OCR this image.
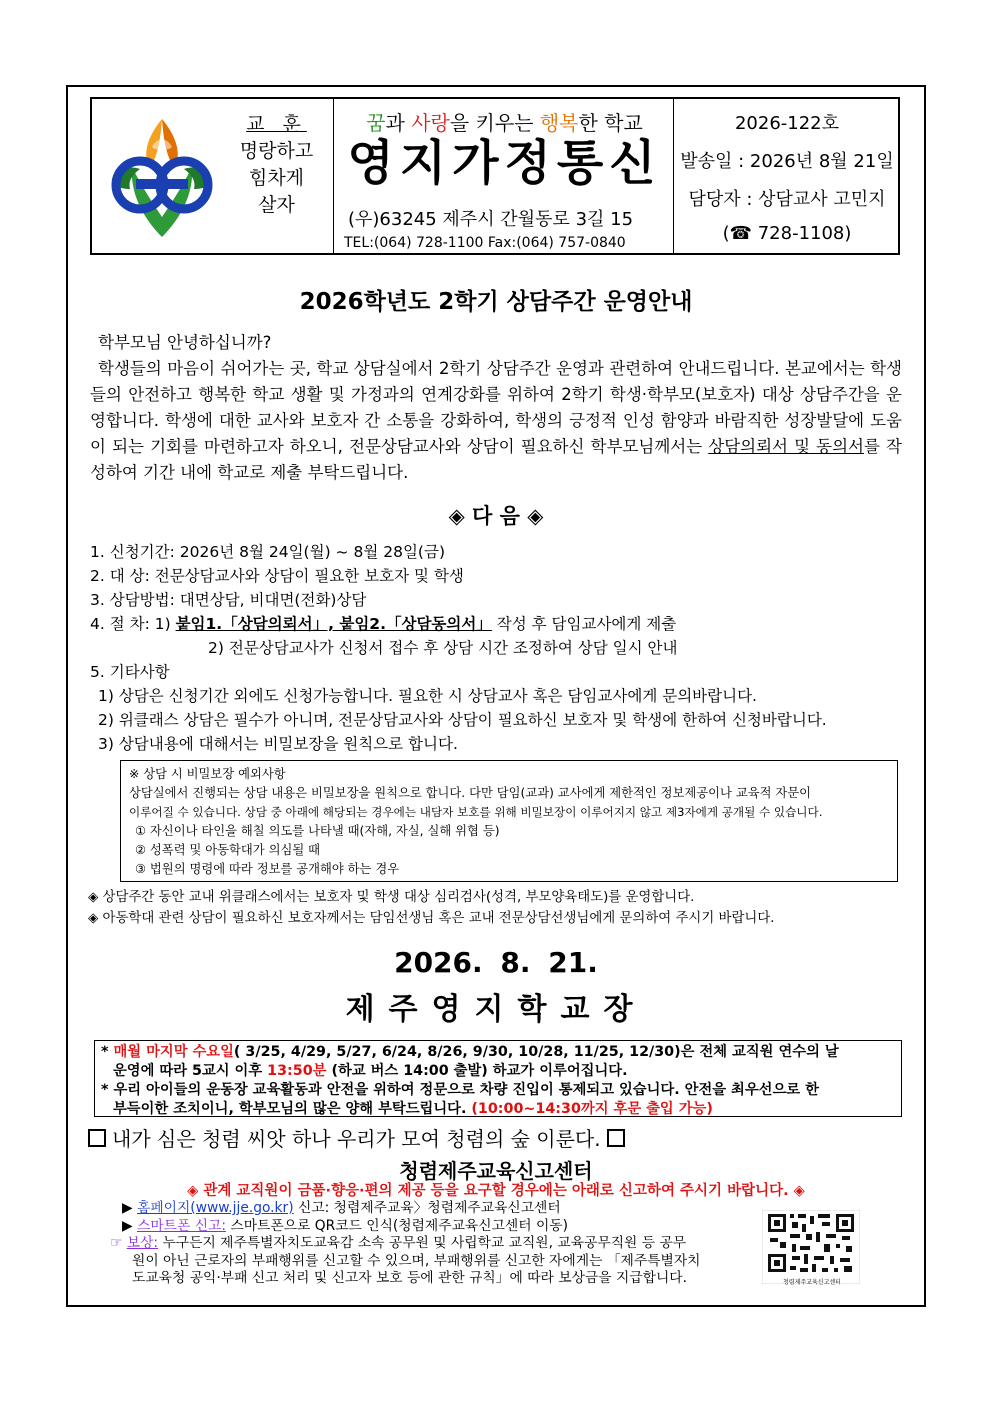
교 훈
명랑하고
힘차게
살자
꿈과 사랑을 키우는 행복한 학교
영지가정통신
(우)63245 제주시 간월동로 3길 15
TEL:(064) 728-1100 Fax:(064) 757-0840
2026-122호
발송일 : 2026년 8월 21일
담당자 : 상담교사 고민지
(☎ 728-1108)
2026학년도 2학기 상담주간 운영안내

학부모님 안녕하십니까?

학생들의 마음이 쉬어가는 곳, 학교 상담실에서 2학기 상담주간 운영과 관련하여 안내드립니다. 본교에서는 학생들의 안전하고 행복한 학교 생활 및 가정과의 연계강화를 위하여 2학기 학생·학부모(보호자) 대상 상담주간을 운영합니다. 학생에 대한 교사와 보호자 간 소통을 강화하여, 학생의 긍정적 인성 함양과 바람직한 성장발달에 도움이 되는 기회를 마련하고자 하오니, 전문상담교사와 상담이 필요하신 학부모님께서는 상담의뢰서 및 동의서를 작성하여 기간 내에 학교로 제출 부탁드립니다.

◈ 다 음 ◈
1. 신청기간: 2026년 8월 24일(월) ~ 8월 28일(금)
2. 대 상: 전문상담교사와 상담이 필요한 보호자 및 학생
3. 상담방법: 대면상담, 비대면(전화)상담
4. 절 차: 1) 붙임1.「상담의뢰서」, 붙임2.「상담동의서」 작성 후 담임교사에게 제출
2) 전문상담교사가 신청서 접수 후 상담 시간 조정하여 상담 일시 안내
5. 기타사항
1) 상담은 신청기간 외에도 신청가능합니다. 필요한 시 상담교사 혹은 담임교사에게 문의바랍니다.
2) 위클래스 상담은 필수가 아니며, 전문상담교사와 상담이 필요하신 보호자 및 학생에 한하여 신청바랍니다.
3) 상담내용에 대해서는 비밀보장을 원칙으로 합니다.
※ 상담 시 비밀보장 예외사항
상담실에서 진행되는 상담 내용은 비밀보장을 원칙으로 합니다. 다만 담임(교과) 교사에게 제한적인 정보제공이나 교육적 자문이
이루어질 수 있습니다. 상담 중 아래에 해당되는 경우에는 내담자 보호를 위해 비밀보장이 이루어지지 않고 제3자에게 공개될 수 있습니다.
① 자신이나 타인을 해칠 의도를 나타낼 때(자해, 자실, 실해 위협 등)
② 성폭력 및 아동학대가 의심될 때
③ 법원의 명령에 따라 정보를 공개해야 하는 경우
◈ 상담주간 동안 교내 위클래스에서는 보호자 및 학생 대상 심리검사(성격, 부모양육태도)를 운영합니다.
◈ 아동학대 관련 상담이 필요하신 보호자께서는 담임선생님 혹은 교내 전문상담선생님에게 문의하여 주시기 바랍니다.
2026. 8. 21.
제주영지학교장
* 매월 마지막 수요일( 3/25, 4/29, 5/27, 6/24, 8/26, 9/30, 10/28, 11/25, 12/30)은 전체 교직원 연수의 날
운영에 따라 5교시 이후 13:50분 (하교 버스 14:00 출발) 하교가 이루어집니다.
* 우리 아이들의 운동장 교육활동과 안전을 위하여 정문으로 차량 진입이 통제되고 있습니다. 안전을 최우선으로 한
부득이한 조치이니, 학부모님의 많은 양해 부탁드립니다. (10:00~14:30까지 후문 출입 가능)
내가 심은 청렴 씨앗 하나 우리가 모여 청렴의 숲 이룬다.
청렴제주교육신고센터
◈ 관계 교직원이 금품·향응·편의 제공 등을 요구할 경우에는 아래로 신고하여 주시기 바랍니다. ◈
▶ 홈페이지(www.jje.go.kr) 신고: 청렴제주교육〉청렴제주교육신고센터
▶ 스마트폰 신고: 스마트폰으로 QR코드 인식(청렴제주교육신고센터 이동)
☞ 보상: 누구든지 제주특별자치도교육감 소속 공무원 및 사립학교 교직원, 교육공무직원 등 공무
원이 아닌 근로자의 부패행위를 신고할 수 있으며, 부패행위를 신고한 자에게는 「제주특별자치
도교육청 공익·부패 신고 처리 및 신고자 보호 등에 관한 규칙」에 따라 보상금을 지급합니다.	청렴제주교육신고센터
